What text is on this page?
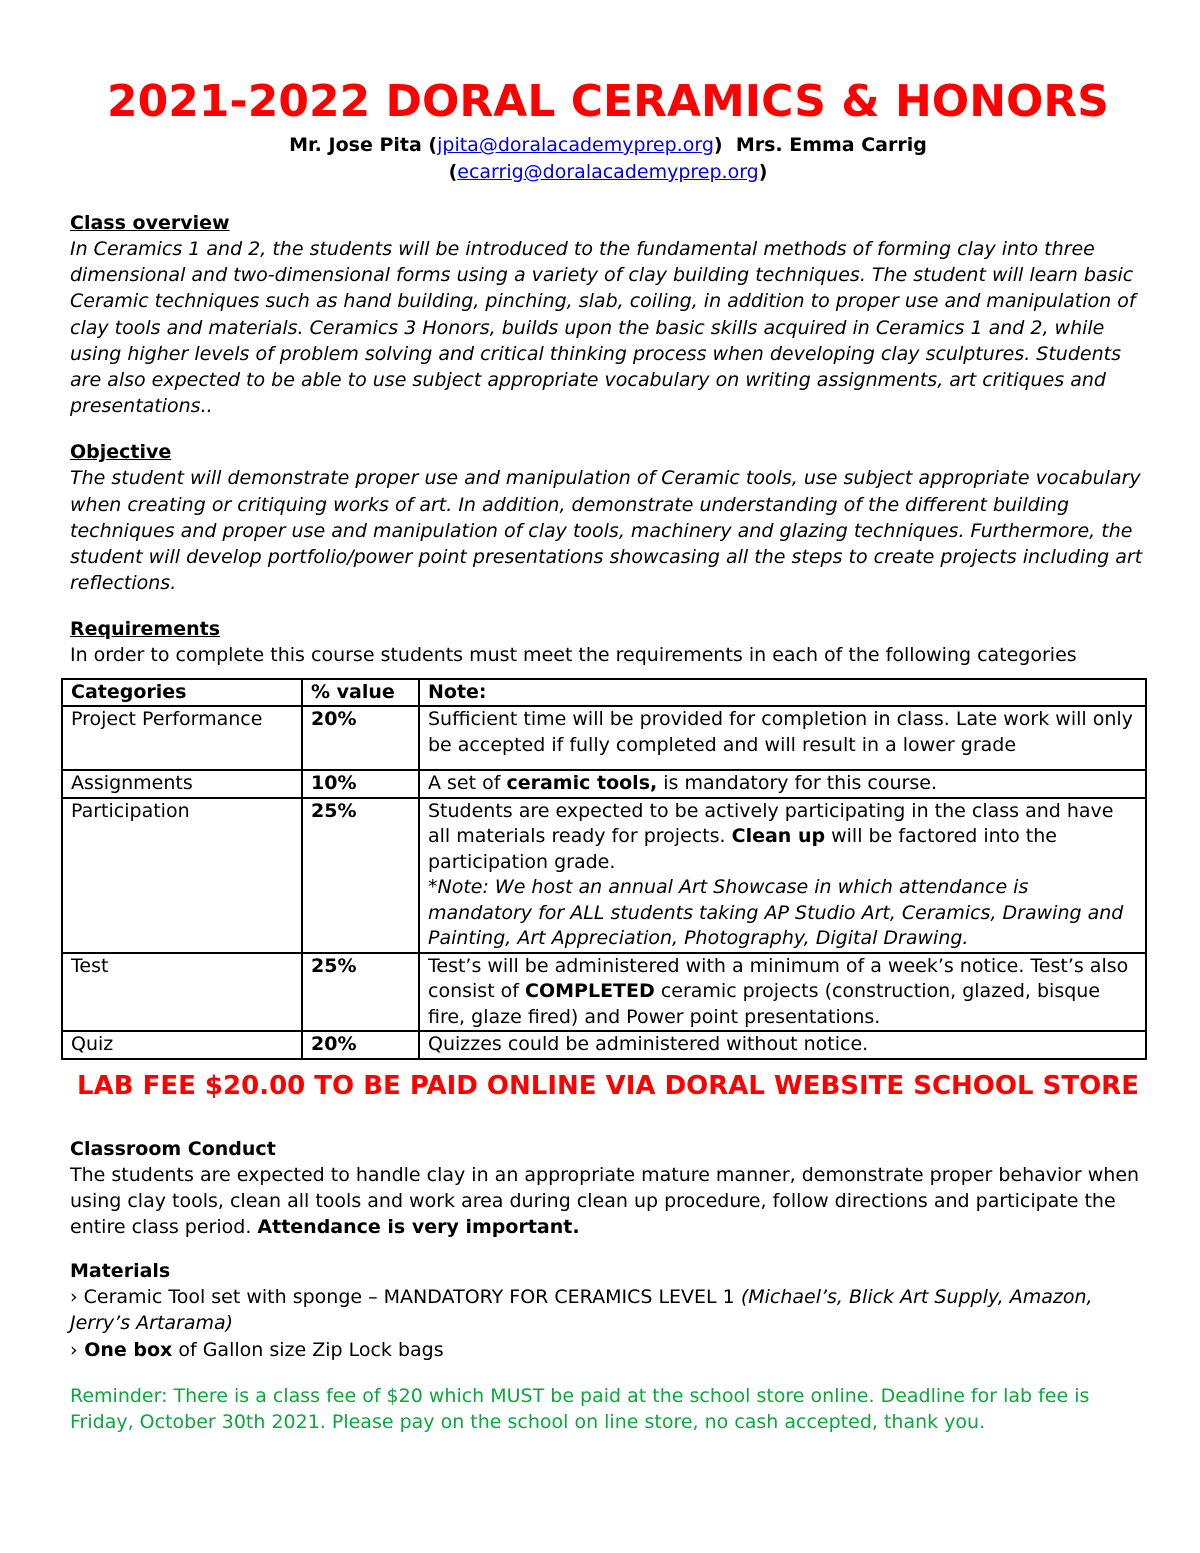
2021-2022 DORAL CERAMICS & HONORS
Mr. Jose Pita (jpita@doralacademyprep.org)  Mrs. Emma Carrig
(ecarrig@doralacademyprep.org)
Class overview
In Ceramics 1 and 2, the students will be introduced to the fundamental methods of forming clay into three dimensional and two-dimensional forms using a variety of clay building techniques. The student will learn basic Ceramic techniques such as hand building, pinching, slab, coiling, in addition to proper use and manipulation of clay tools and materials. Ceramics 3 Honors, builds upon the basic skills acquired in Ceramics 1 and 2, while using higher levels of problem solving and critical thinking process when developing clay sculptures. Students are also expected to be able to use subject appropriate vocabulary on writing assignments, art critiques and presentations..
Objective
The student will demonstrate proper use and manipulation of Ceramic tools, use subject appropriate vocabulary when creating or critiquing works of art. In addition, demonstrate understanding of the different building techniques and proper use and manipulation of clay tools, machinery and glazing techniques. Furthermore, the student will develop portfolio/power point presentations showcasing all the steps to create projects including art reflections.
Requirements
In order to complete this course students must meet the requirements in each of the following categories
Categories	% value	Note:
Project Performance	20%	Sufficient time will be provided for completion in class. Late work will only be accepted if fully completed and will result in a lower grade
Assignments	10%	A set of ceramic tools, is mandatory for this course.
Participation	25%	Students are expected to be actively participating in the class and have all materials ready for projects. Clean up will be factored into the participation grade.
*Note: We host an annual Art Showcase in which attendance is mandatory for ALL students taking AP Studio Art, Ceramics, Drawing and Painting, Art Appreciation, Photography, Digital Drawing.
Test	25%	Test’s will be administered with a minimum of a week’s notice. Test’s also consist of COMPLETED ceramic projects (construction, glazed, bisque fire, glaze fired) and Power point presentations.
Quiz	20%	Quizzes could be administered without notice.
LAB FEE $20.00 TO BE PAID ONLINE VIA DORAL WEBSITE SCHOOL STORE
Classroom Conduct
The students are expected to handle clay in an appropriate mature manner, demonstrate proper behavior when using clay tools, clean all tools and work area during clean up procedure, follow directions and participate the entire class period. Attendance is very important.
Materials
› Ceramic Tool set with sponge – MANDATORY FOR CERAMICS LEVEL 1 (Michael’s, Blick Art Supply, Amazon, Jerry’s Artarama)
› One box of Gallon size Zip Lock bags
Reminder: There is a class fee of $20 which MUST be paid at the school store online. Deadline for lab fee is Friday, October 30th 2021. Please pay on the school on line store, no cash accepted, thank you.
